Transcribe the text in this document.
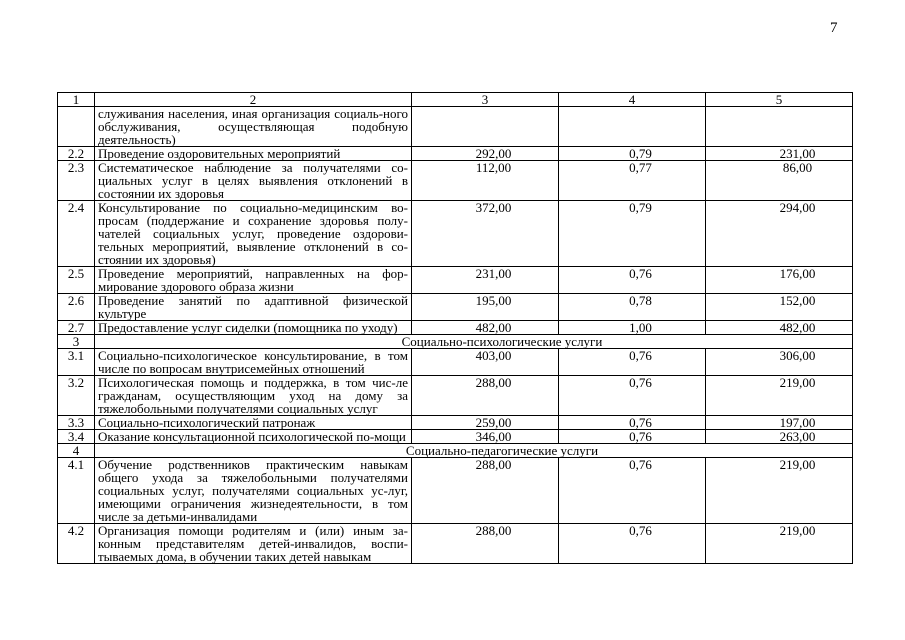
7
1	2	3	4	5
	служивания населения, иная организация социаль-ного обслуживания, осуществляющая подобную деятельность)			
2.2	Проведение оздоровительных мероприятий	292,00	0,79	231,00
2.3	Систематическое наблюдение за получателями со-циальных услуг в целях выявления отклонений в состоянии их здоровья	112,00	0,77	86,00
2.4	Консультирование по социально-медицинским во-просам (поддержание и сохранение здоровья полу-чателей социальных услуг, проведение оздорови-тельных мероприятий, выявление отклонений в со-стоянии их здоровья)	372,00	0,79	294,00
2.5	Проведение мероприятий, направленных на фор-мирование здорового образа жизни	231,00	0,76	176,00
2.6	Проведение занятий по адаптивной физической культуре	195,00	0,78	152,00
2.7	Предоставление услуг сиделки (помощника по уходу)	482,00	1,00	482,00
3	Социально-психологические услуги			
3.1	Социально-психологическое консультирование, в том числе по вопросам внутрисемейных отношений	403,00	0,76	306,00
3.2	Психологическая помощь и поддержка, в том чис-ле гражданам, осуществляющим уход на дому за тяжелобольными получателями социальных услуг	288,00	0,76	219,00
3.3	Социально-психологический патронаж	259,00	0,76	197,00
3.4	Оказание консультационной психологической по-мощи	346,00	0,76	263,00
4	Социально-педагогические услуги			
4.1	Обучение родственников практическим навыкам общего ухода за тяжелобольными получателями социальных услуг, получателями социальных ус-луг, имеющими ограничения жизнедеятельности, в том числе за детьми-инвалидами	288,00	0,76	219,00
4.2	Организация помощи родителям и (или) иным за-конным представителям детей-инвалидов, воспи-тываемых дома, в обучении таких детей навыкам	288,00	0,76	219,00
